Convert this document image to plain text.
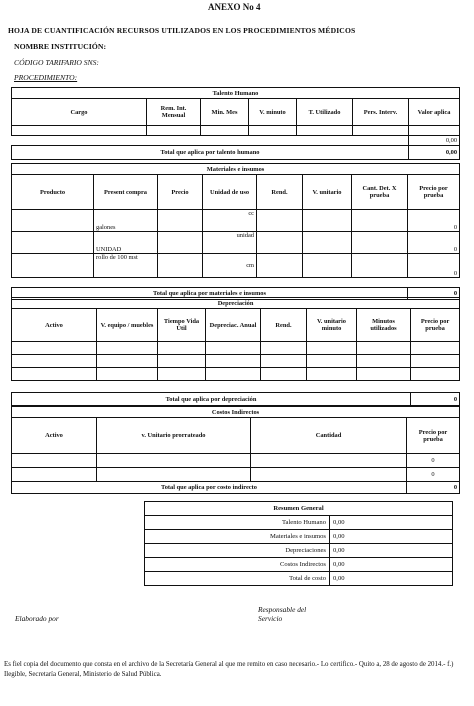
ANEXO No 4
HOJA DE CUANTIFICACIÓN RECURSOS UTILIZADOS EN LOS PROCEDIMIENTOS MÉDICOS
NOMBRE INSTITUCIÓN:
CÓDIGO TARIFARIO SNS:
PROCEDIMIENTO:
Talento Humano						
Cargo	Rem. Int. Mensual	Min. Mes	V. minuto	T. Utilizado	Pers. Interv.	Valor aplica

						0,00
Total que aplica por talento humano						0,00
Materiales e insumos							
Producto	Present compra	Precio	Unidad de uso	Rend.	V. unitario	Cant. Det. X prueba	Precio por prueba
	galones		cc				0
	UNIDAD		unidad				0
	rollo de 100 mst		cm				0

Total que aplica por materiales e insumos							0
Depreciación							
Activo	V. equipo / muebles	Tiempo Vida Útil	Depreciac. Anual	Rend.	V. unitario minuto	Minutos utilizados	Precio por prueba

Total que aplica por depreciación							0
Costos Indirectos			
Activo	v. Unitario prorrateado	Cantidad	Precio por prueba
			0
			0
Total que aplica por costo indirecto			0
Resumen General	
Talento Humano	0,00
Materiales e insumos	0,00
Depreciaciones	0,00
Costos Indirectos	0,00
Total de costo	0,00
Elaborado por
Responsable del
Servicio
Es fiel copia del documento que consta en el archivo de la Secretaría General al que me remito en caso necesario.- Lo certifico.- Quito a, 28 de agosto de 2014.- f.) Ilegible, Secretaría General, Ministerio de Salud Pública.
